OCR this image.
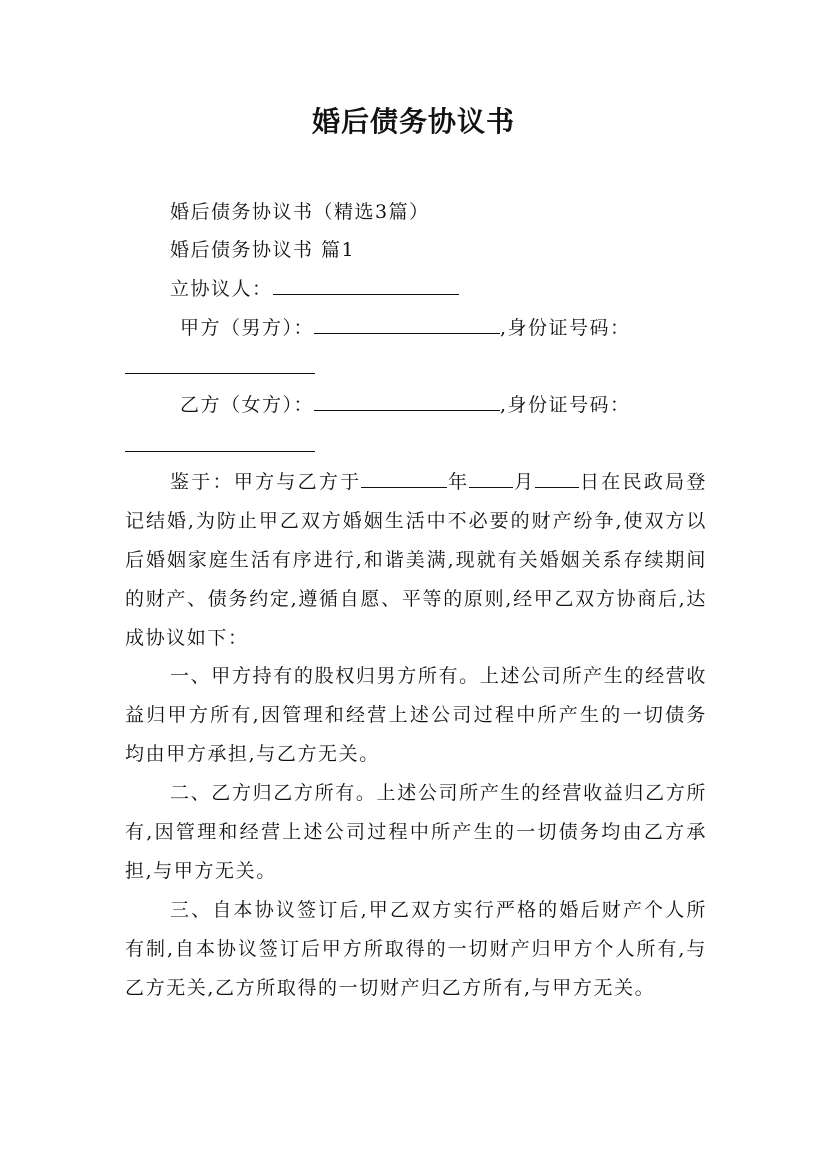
婚后债务协议书
婚后债务协议书（精选3篇）
婚后债务协议书 篇1
立协议人：
甲方（男方）：	,身份证号码：
乙方（女方）：	,身份证号码：
鉴于：甲方与乙方于	年 月 日在民政局登记结婚,为防止甲乙双方婚姻生活中不必要的财产纷争,使双方以后婚姻家庭生活有序进行,和谐美满,现就有关婚姻关系存续期间的财产、债务约定,遵循自愿、平等的原则,经甲乙双方协商后,达成协议如下：
一、甲方持有的股权归男方所有。上述公司所产生的经营收益归甲方所有,因管理和经营上述公司过程中所产生的一切债务均由甲方承担,与乙方无关。
二、乙方归乙方所有。上述公司所产生的经营收益归乙方所有,因管理和经营上述公司过程中所产生的一切债务均由乙方承担,与甲方无关。
三、自本协议签订后,甲乙双方实行严格的婚后财产个人所有制,自本协议签订后甲方所取得的一切财产归甲方个人所有,与乙方无关,乙方所取得的一切财产归乙方所有,与甲方无关。
